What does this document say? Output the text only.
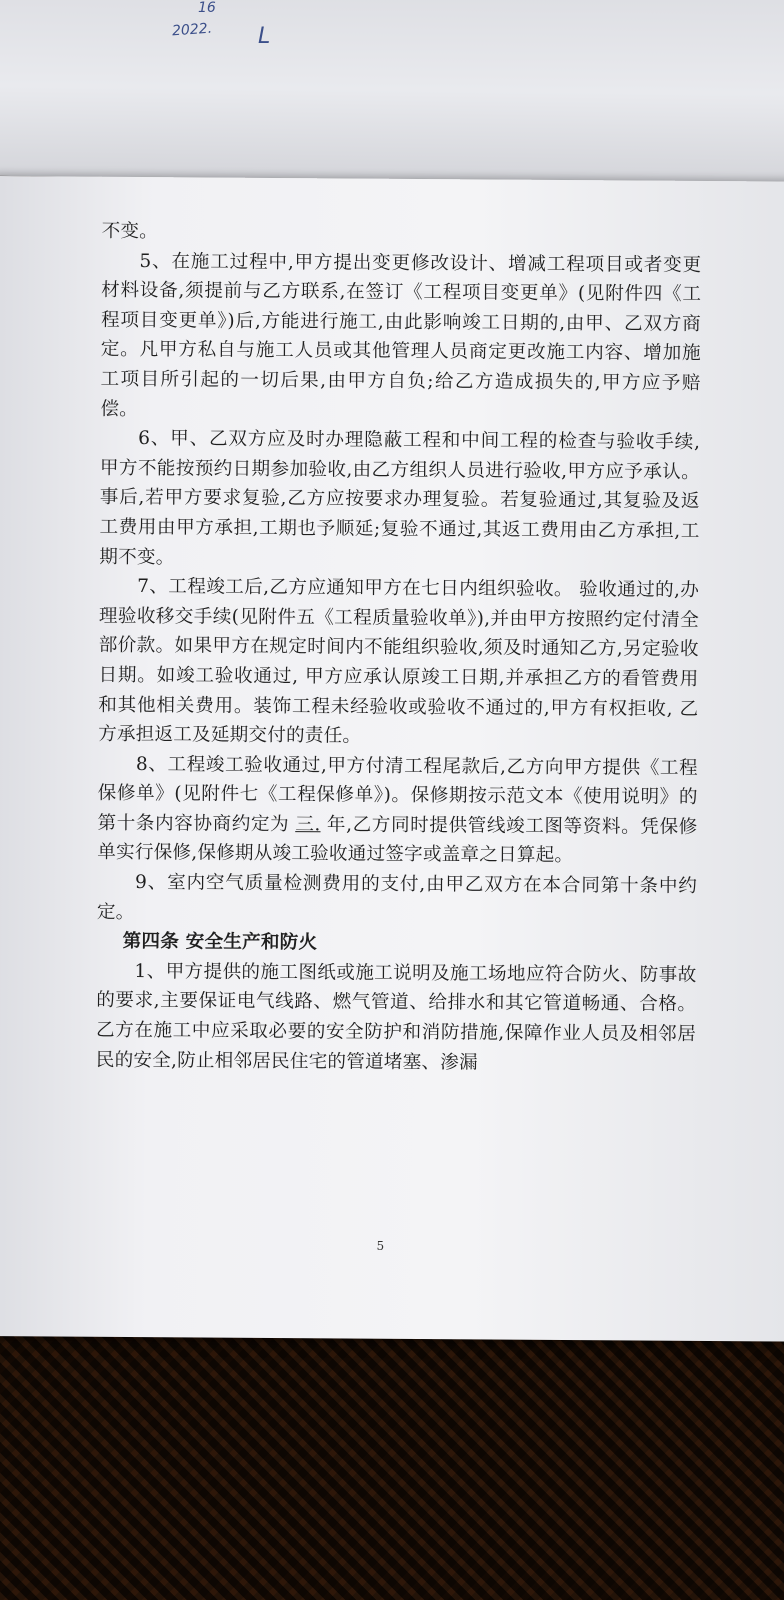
16
2022. L

不变。

5、在施工过程中,甲方提出变更修改设计、增减工程项目或者变更材料设备,须提前与乙方联系,在签订《工程项目变更单》(见附件四《工程项目变更单》)后,方能进行施工,由此影响竣工日期的,由甲、乙双方商定。凡甲方私自与施工人员或其他管理人员商定更改施工内容、增加施工项目所引起的一切后果,由甲方自负;给乙方造成损失的,甲方应予赔偿。

6、甲、乙双方应及时办理隐蔽工程和中间工程的检查与验收手续,甲方不能按预约日期参加验收,由乙方组织人员进行验收,甲方应予承认。事后,若甲方要求复验,乙方应按要求办理复验。若复验通过,其复验及返工费用由甲方承担,工期也予顺延;复验不通过,其返工费用由乙方承担,工期不变。

7、工程竣工后,乙方应通知甲方在七日内组织验收。 验收通过的,办理验收移交手续(见附件五《工程质量验收单》),并由甲方按照约定付清全部价款。如果甲方在规定时间内不能组织验收,须及时通知乙方,另定验收日期。如竣工验收通过, 甲方应承认原竣工日期,并承担乙方的看管费用和其他相关费用。装饰工程未经验收或验收不通过的,甲方有权拒收, 乙方承担返工及延期交付的责任。

8、工程竣工验收通过,甲方付清工程尾款后,乙方向甲方提供《工程保修单》(见附件七《工程保修单》)。保修期按示范文本《使用说明》的第十条内容协商约定为 三. 年,乙方同时提供管线竣工图等资料。凭保修单实行保修,保修期从竣工验收通过签字或盖章之日算起。

9、室内空气质量检测费用的支付,由甲乙双方在本合同第十条中约定。

第四条 安全生产和防火

1、甲方提供的施工图纸或施工说明及施工场地应符合防火、防事故的要求,主要保证电气线路、燃气管道、给排水和其它管道畅通、合格。乙方在施工中应采取必要的安全防护和消防措施,保障作业人员及相邻居民的安全,防止相邻居民住宅的管道堵塞、渗漏

5
